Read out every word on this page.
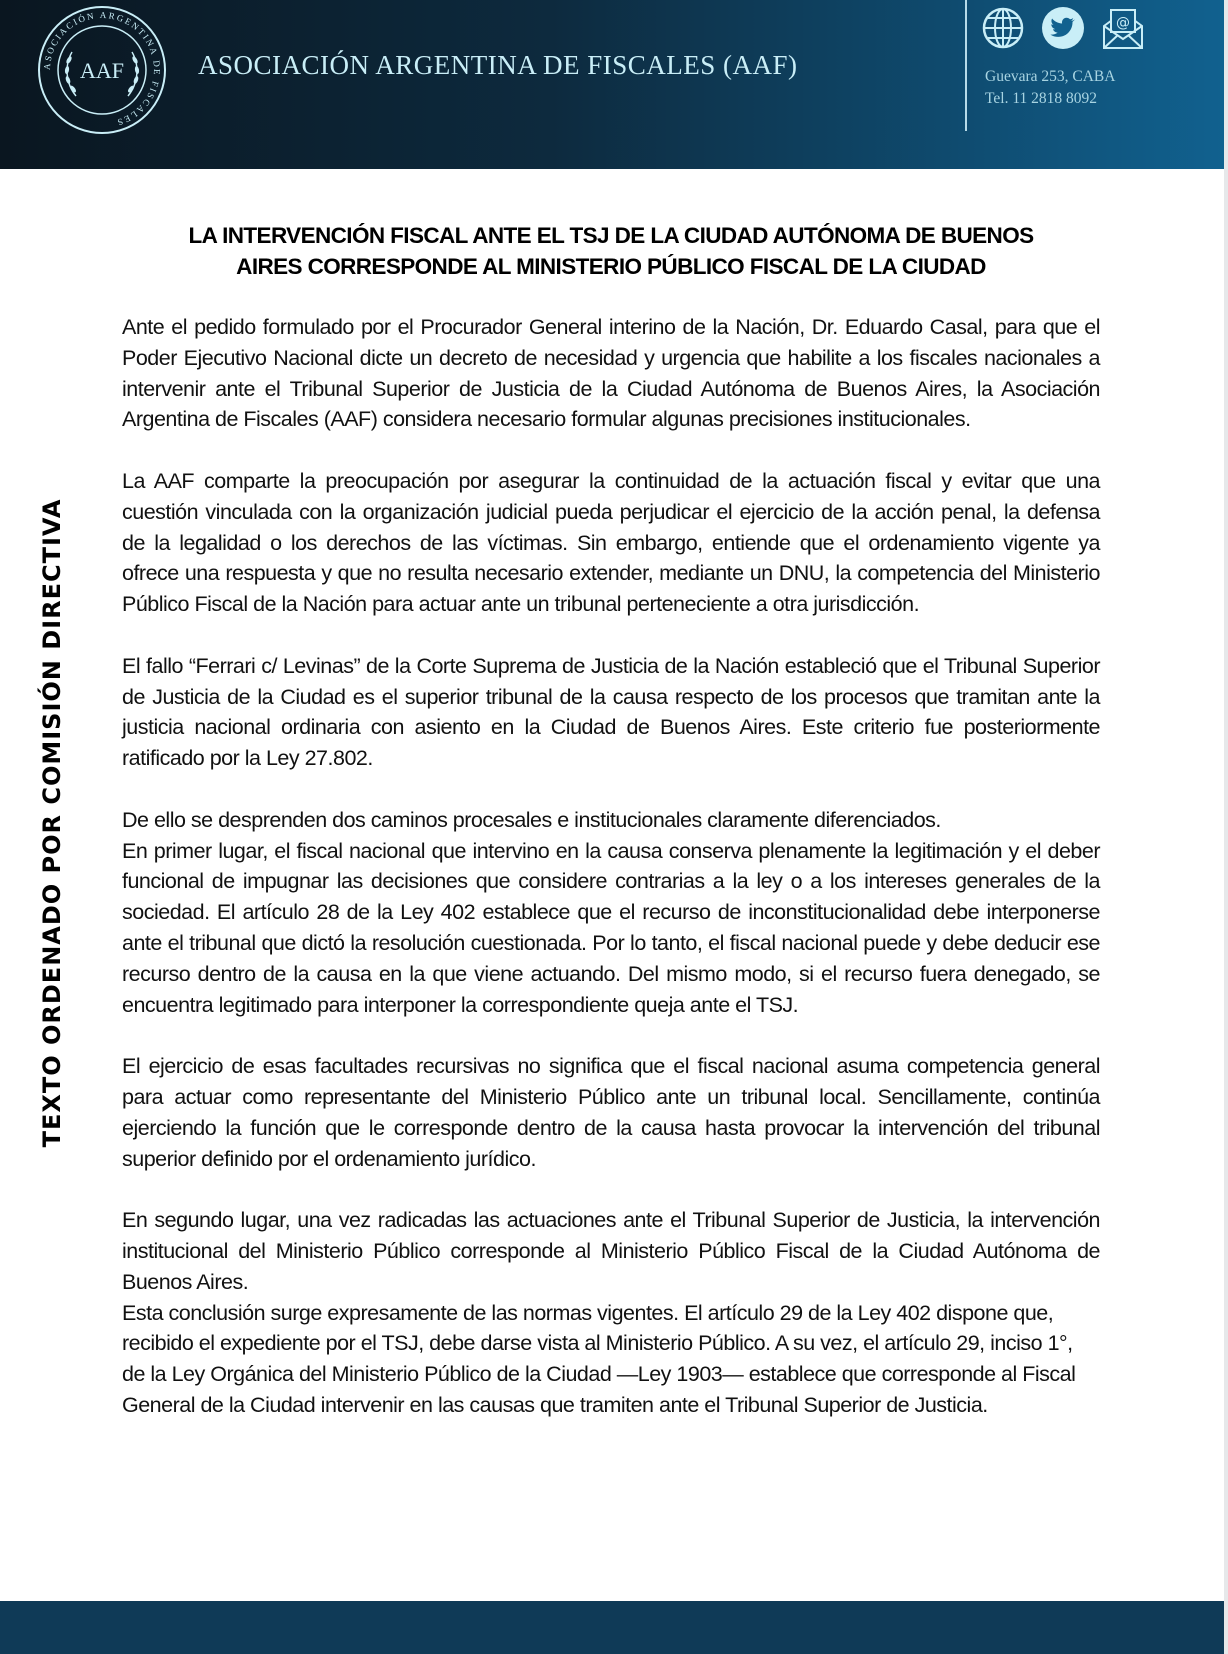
ASOCIACIÓN ARGENTINA DE FISCALES
AAF	ASOCIACIÓN ARGENTINA DE FISCALES (AAF)
@
Guevara 253, CABA
Tel. 11 2818 8092
TEXTO ORDENADO POR COMISIÓN DIRECTIVA
LA INTERVENCIÓN FISCAL ANTE EL TSJ DE LA CIUDAD AUTÓNOMA DE BUENOS
AIRES CORRESPONDE AL MINISTERIO PÚBLICO FISCAL DE LA CIUDAD

Ante el pedido formulado por el Procurador General interino de la Nación, Dr. Eduardo Casal, para que el Poder Ejecutivo Nacional dicte un decreto de necesidad y urgencia que habilite a los fiscales nacionales a intervenir ante el Tribunal Superior de Justicia de la Ciudad Autónoma de Buenos Aires, la Asociación Argentina de Fiscales (AAF) considera necesario formular algunas precisiones institucionales.

La AAF comparte la preocupación por asegurar la continuidad de la actuación fiscal y evitar que una cuestión vinculada con la organización judicial pueda perjudicar el ejercicio de la acción penal, la defensa de la legalidad o los derechos de las víctimas. Sin embargo, entiende que el ordenamiento vigente ya ofrece una respuesta y que no resulta necesario extender, mediante un DNU, la competencia del Ministerio Público Fiscal de la Nación para actuar ante un tribunal perteneciente a otra jurisdicción.

El fallo “Ferrari c/ Levinas” de la Corte Suprema de Justicia de la Nación estableció que el Tribunal Superior de Justicia de la Ciudad es el superior tribunal de la causa respecto de los procesos que tramitan ante la justicia nacional ordinaria con asiento en la Ciudad de Buenos Aires. Este criterio fue posteriormente ratificado por la Ley 27.802.

De ello se desprenden dos caminos procesales e institucionales claramente diferenciados.

En primer lugar, el fiscal nacional que intervino en la causa conserva plenamente la legitimación y el deber funcional de impugnar las decisiones que considere contrarias a la ley o a los intereses generales de la sociedad. El artículo 28 de la Ley 402 establece que el recurso de inconstitucionalidad debe interponerse ante el tribunal que dictó la resolución cuestionada. Por lo tanto, el fiscal nacional puede y debe deducir ese recurso dentro de la causa en la que viene actuando. Del mismo modo, si el recurso fuera denegado, se encuentra legitimado para interponer la correspondiente queja ante el TSJ.

El ejercicio de esas facultades recursivas no significa que el fiscal nacional asuma competencia general para actuar como representante del Ministerio Público ante un tribunal local. Sencillamente, continúa ejerciendo la función que le corresponde dentro de la causa hasta provocar la intervención del tribunal superior definido por el ordenamiento jurídico.

En segundo lugar, una vez radicadas las actuaciones ante el Tribunal Superior de Justicia, la intervención institucional del Ministerio Público corresponde al Ministerio Público Fiscal de la Ciudad Autónoma de Buenos Aires.

Esta conclusión surge expresamente de las normas vigentes. El artículo 29 de la Ley 402 dispone que, recibido el expediente por el TSJ, debe darse vista al Ministerio Público. A su vez, el artículo 29, inciso 1°, de la Ley Orgánica del Ministerio Público de la Ciudad —Ley 1903— establece que corresponde al Fiscal General de la Ciudad intervenir en las causas que tramiten ante el Tribunal Superior de Justicia.
